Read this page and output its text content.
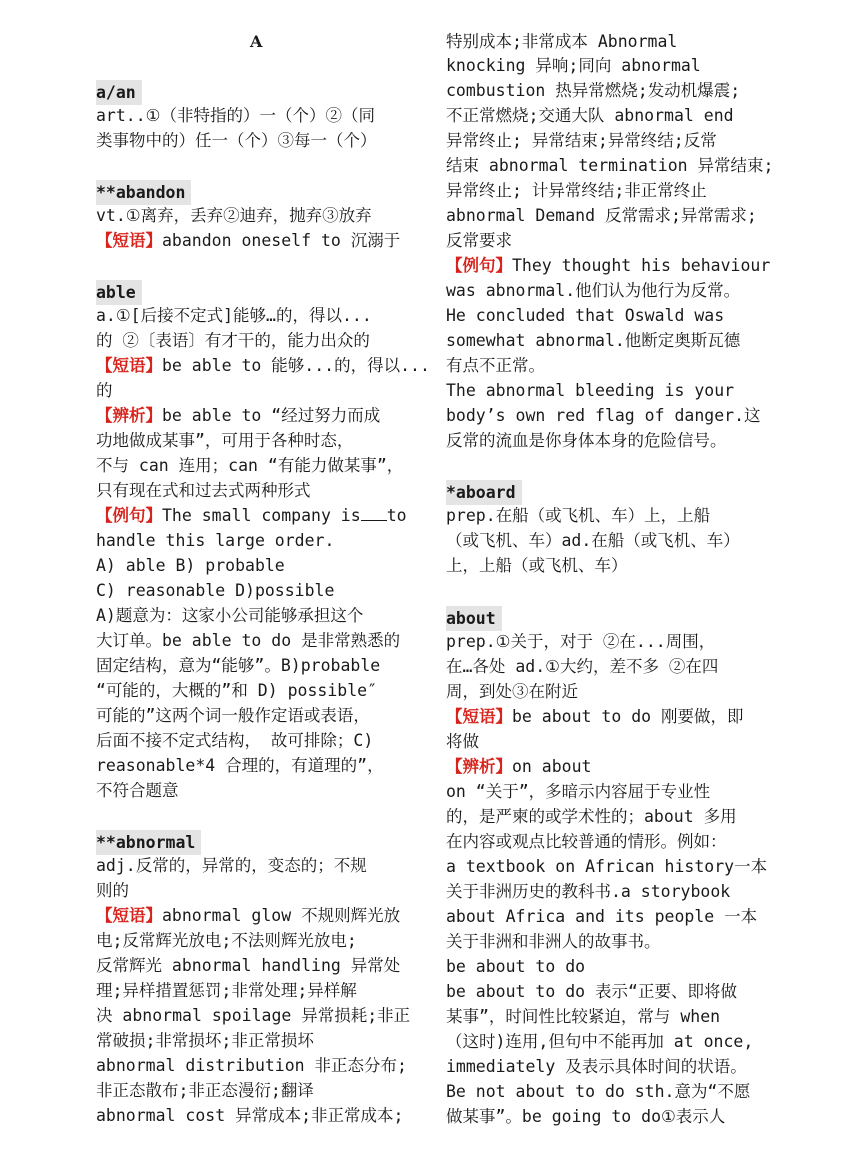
A
a/an
art..①（非特指的）一（个）②（同
类事物中的）任一（个）③每一（个）
**abandon
vt.①离弃，丢弃②迪弃，抛弃③放弃
【短语】abandon oneself to 沉溺于
able
a.①[后接不定式]能够…的，得以...
的 ②〔表语〕有才干的，能力出众的
【短语】be able to 能够...的，得以...
的
【辨析】be able to “经过努力而成
功地做成某事”，可用于各种时态，
不与 can 连用；can “有能力做某事”，
只有现在式和过去式两种形式
【例句】The small company is to
handle this large order.
A) able B) probable
C) reasonable D)possible
A)题意为：这家小公司能够承担这个
大订单。be able to do 是非常熟悉的
固定结构，意为“能够”。B)probable
“可能的，大概的”和 D) possible″
可能的”这两个词一般作定语或表语，
后面不接不定式结构， 故可排除；C)
reasonable*4 合理的，有道理的”，
不符合题意
**abnormal
adj.反常的，异常的，变态的；不规
则的
【短语】abnormal glow 不规则辉光放
电;反常辉光放电;不法则辉光放电;
反常辉光 abnormal handling 异常处
理;异样措置惩罚;非常处理;异样解
决 abnormal spoilage 异常损耗;非正
常破损;非常损坏;非正常损坏
abnormal distribution 非正态分布;
非正态散布;非正态漫衍;翻译
abnormal cost 异常成本;非正常成本;
特别成本;非常成本 Abnormal
knocking 异响;同向 abnormal
combustion 热异常燃烧;发动机爆震;
不正常燃烧;交通大队 abnormal end
异常终止; 异常结束;异常终结;反常
结束 abnormal termination 异常结束;
异常终止; 计异常终结;非正常终止
abnormal Demand 反常需求;异常需求;
反常要求
【例句】They thought his behaviour
was abnormal.他们认为他行为反常。
He concluded that Oswald was
somewhat abnormal.他断定奥斯瓦德
有点不正常。
The abnormal bleeding is your
body’s own red flag of danger.这
反常的流血是你身体本身的危险信号。
*aboard
prep.在船（或飞机、车）上，上船
（或飞机、车）ad.在船（或飞机、车）
上，上船（或飞机、车）
about
prep.①关于，对于 ②在...周围，
在…各处 ad.①大约，差不多 ②在四
周，到处③在附近
【短语】be about to do 刚要做，即
将做
【辨析】on about
on “关于”，多暗示内容屈于专业性
的，是严柬的或学术性的；about 多用
在内容或观点比较普通的情形。例如：
a textbook on African history一本
关于非洲历史的教科书.a storybook
about Africa and its people 一本
关于非洲和非洲人的故事书。
be about to do
be about to do 表示“正要、即将做
某事”，时间性比较紧迫，常与 when
（这时)连用,但句中不能再加 at once,
immediately 及表示具体时间的状语。
Be not about to do sth.意为“不愿
做某事”。be going to do①表示人
